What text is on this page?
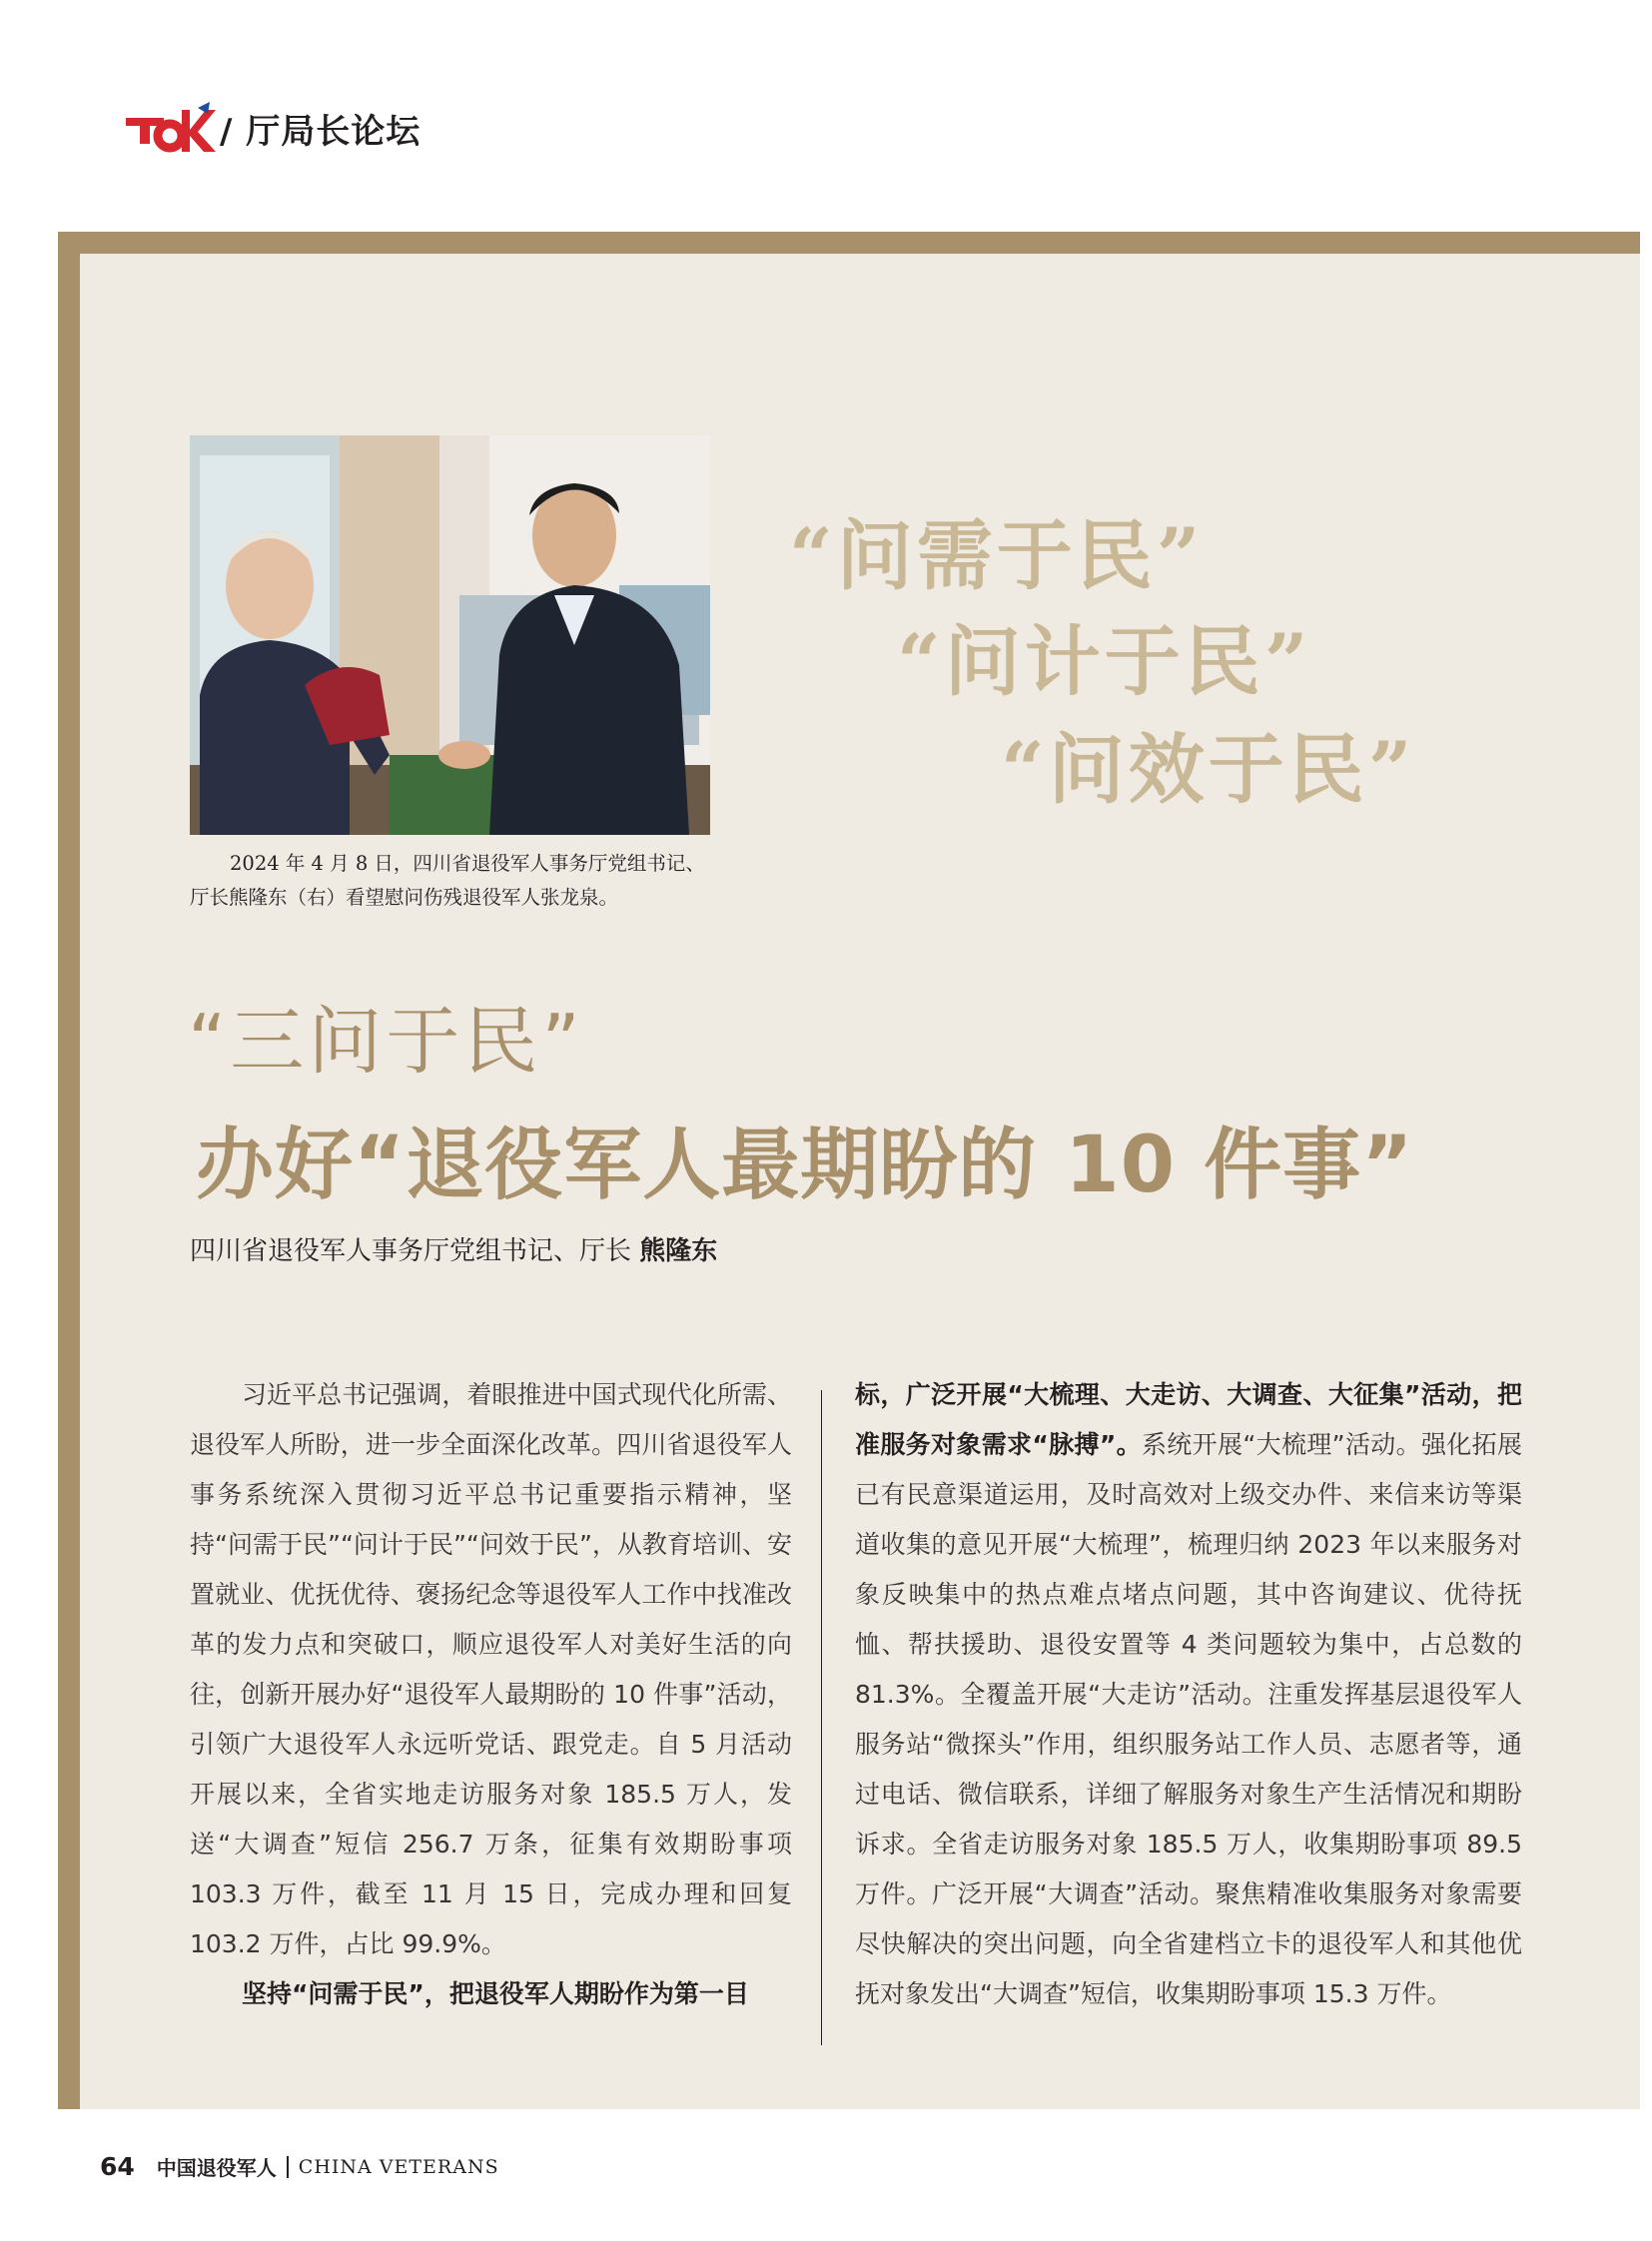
/ 厅局长论坛
2024 年 4 月 8 日，四川省退役军人事务厅党组书记、
厅长熊隆东（右）看望慰问伤残退役军人张龙泉。
“问需于民”
“问计于民”
“问效于民”
“三问于民”
办好“退役军人最期盼的 10 件事”
四川省退役军人事务厅党组书记、厅长 熊隆东

习近平总书记强调，着眼推进中国式现代化所需、退役军人所盼，进一步全面深化改革。四川省退役军人事务系统深入贯彻习近平总书记重要指示精神，坚持“问需于民”“问计于民”“问效于民”，从教育培训、安置就业、优抚优待、褒扬纪念等退役军人工作中找准改革的发力点和突破口，顺应退役军人对美好生活的向往，创新开展办好“退役军人最期盼的 10 件事”活动，引领广大退役军人永远听党话、跟党走。自 5 月活动开展以来，全省实地走访服务对象 185.5 万人，发送“大调查”短信 256.7 万条，征集有效期盼事项 103.3 万件，截至 11 月 15 日，完成办理和回复 103.2 万件，占比 99.9%。

坚持“问需于民”，把退役军人期盼作为第一目

标，广泛开展“大梳理、大走访、大调查、大征集”活动，把准服务对象需求“脉搏”。系统开展“大梳理”活动。强化拓展已有民意渠道运用，及时高效对上级交办件、来信来访等渠道收集的意见开展“大梳理”，梳理归纳 2023 年以来服务对象反映集中的热点难点堵点问题，其中咨询建议、优待抚恤、帮扶援助、退役安置等 4 类问题较为集中，占总数的 81.3%。全覆盖开展“大走访”活动。注重发挥基层退役军人服务站“微探头”作用，组织服务站工作人员、志愿者等，通过电话、微信联系，详细了解服务对象生产生活情况和期盼诉求。全省走访服务对象 185.5 万人，收集期盼事项 89.5 万件。广泛开展“大调查”活动。聚焦精准收集服务对象需要尽快解决的突出问题，向全省建档立卡的退役军人和其他优抚对象发出“大调查”短信，收集期盼事项 15.3 万件。

64 中国退役军人 CHINA VETERANS
